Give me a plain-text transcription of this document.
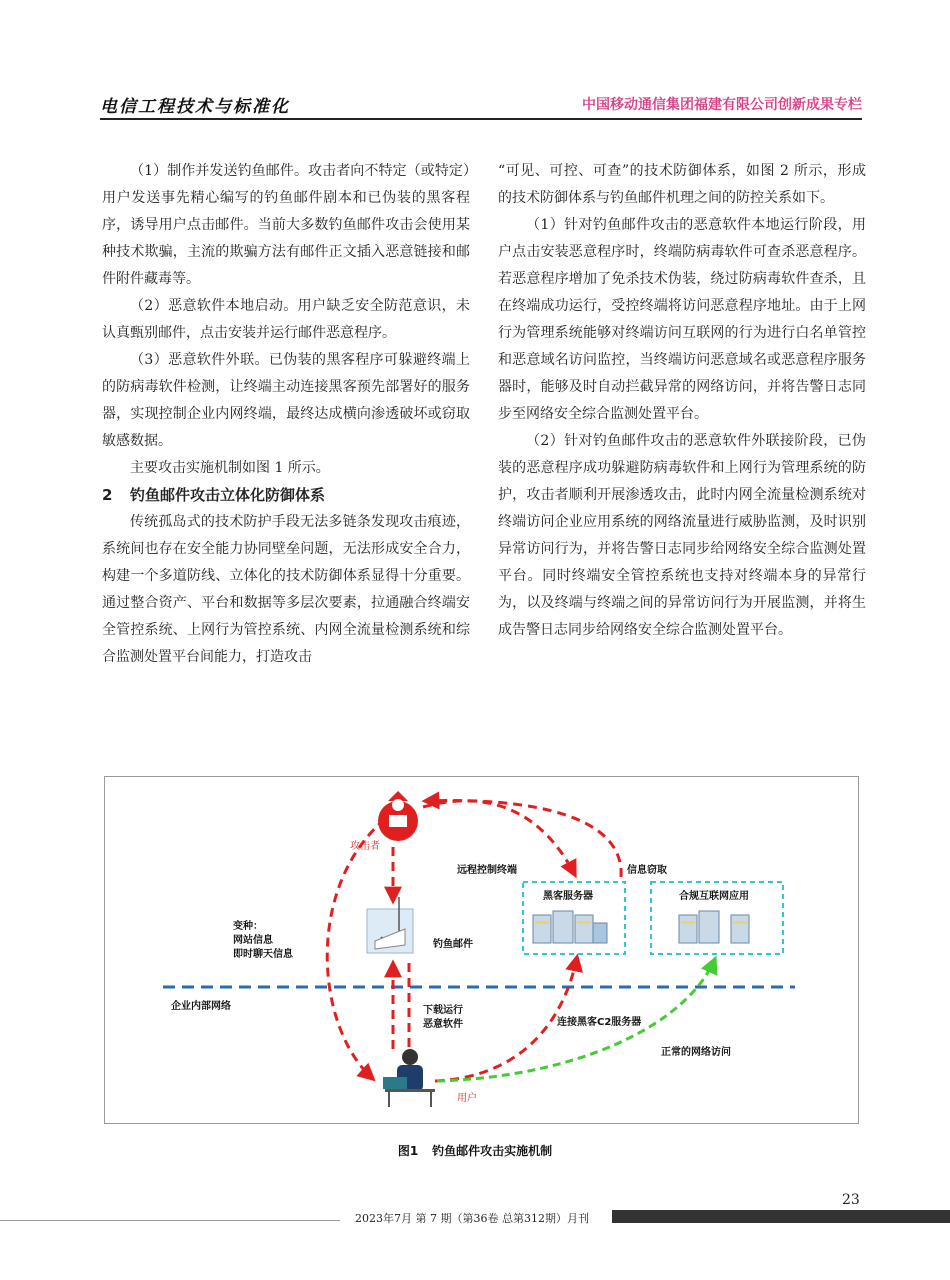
电信工程技术与标准化	中国移动通信集团福建有限公司创新成果专栏

（1）制作并发送钓鱼邮件。攻击者向不特定（或特定）用户发送事先精心编写的钓鱼邮件剧本和已伪装的黑客程序，诱导用户点击邮件。当前大多数钓鱼邮件攻击会使用某种技术欺骗，主流的欺骗方法有邮件正文插入恶意链接和邮件附件藏毒等。

（2）恶意软件本地启动。用户缺乏安全防范意识，未认真甄别邮件，点击安装并运行邮件恶意程序。

（3）恶意软件外联。已伪装的黑客程序可躲避终端上的防病毒软件检测，让终端主动连接黑客预先部署好的服务器，实现控制企业内网终端，最终达成横向渗透破坏或窃取敏感数据。

主要攻击实施机制如图 1 所示。

2 钓鱼邮件攻击立体化防御体系

传统孤岛式的技术防护手段无法多链条发现攻击痕迹，系统间也存在安全能力协同壁垒问题，无法形成安全合力，构建一个多道防线、立体化的技术防御体系显得十分重要。通过整合资产、平台和数据等多层次要素，拉通融合终端安全管控系统、上网行为管控系统、内网全流量检测系统和综合监测处置平台间能力，打造攻击

“可见、可控、可查”的技术防御体系，如图 2 所示，形成的技术防御体系与钓鱼邮件机理之间的防控关系如下。

（1）针对钓鱼邮件攻击的恶意软件本地运行阶段，用户点击安装恶意程序时，终端防病毒软件可查杀恶意程序。若恶意程序增加了免杀技术伪装，绕过防病毒软件查杀，且在终端成功运行，受控终端将访问恶意程序地址。由于上网行为管理系统能够对终端访问互联网的行为进行白名单管控和恶意域名访问监控，当终端访问恶意域名或恶意程序服务器时，能够及时自动拦截异常的网络访问，并将告警日志同步至网络安全综合监测处置平台。

（2）针对钓鱼邮件攻击的恶意软件外联接阶段，已伪装的恶意程序成功躲避防病毒软件和上网行为管理系统的防护，攻击者顺利开展渗透攻击，此时内网全流量检测系统对终端访问企业应用系统的网络流量进行威胁监测，及时识别异常访问行为，并将告警日志同步给网络安全综合监测处置平台。同时终端安全管控系统也支持对终端本身的异常行为，以及终端与终端之间的异常访问行为开展监测，并将生成告警日志同步给网络安全综合监测处置平台。

攻击者
远程控制终端	信息窃取
黑客服务器	合规互联网应用
变种：
网站信息
即时聊天信息
钓鱼邮件
企业内部网络	下载运行
恶意软件	连接黑客C2服务器
正常的网络访问
用户
图1 钓鱼邮件攻击实施机制
23
2023年7月 第 7 期（第36卷 总第312期）月刊
